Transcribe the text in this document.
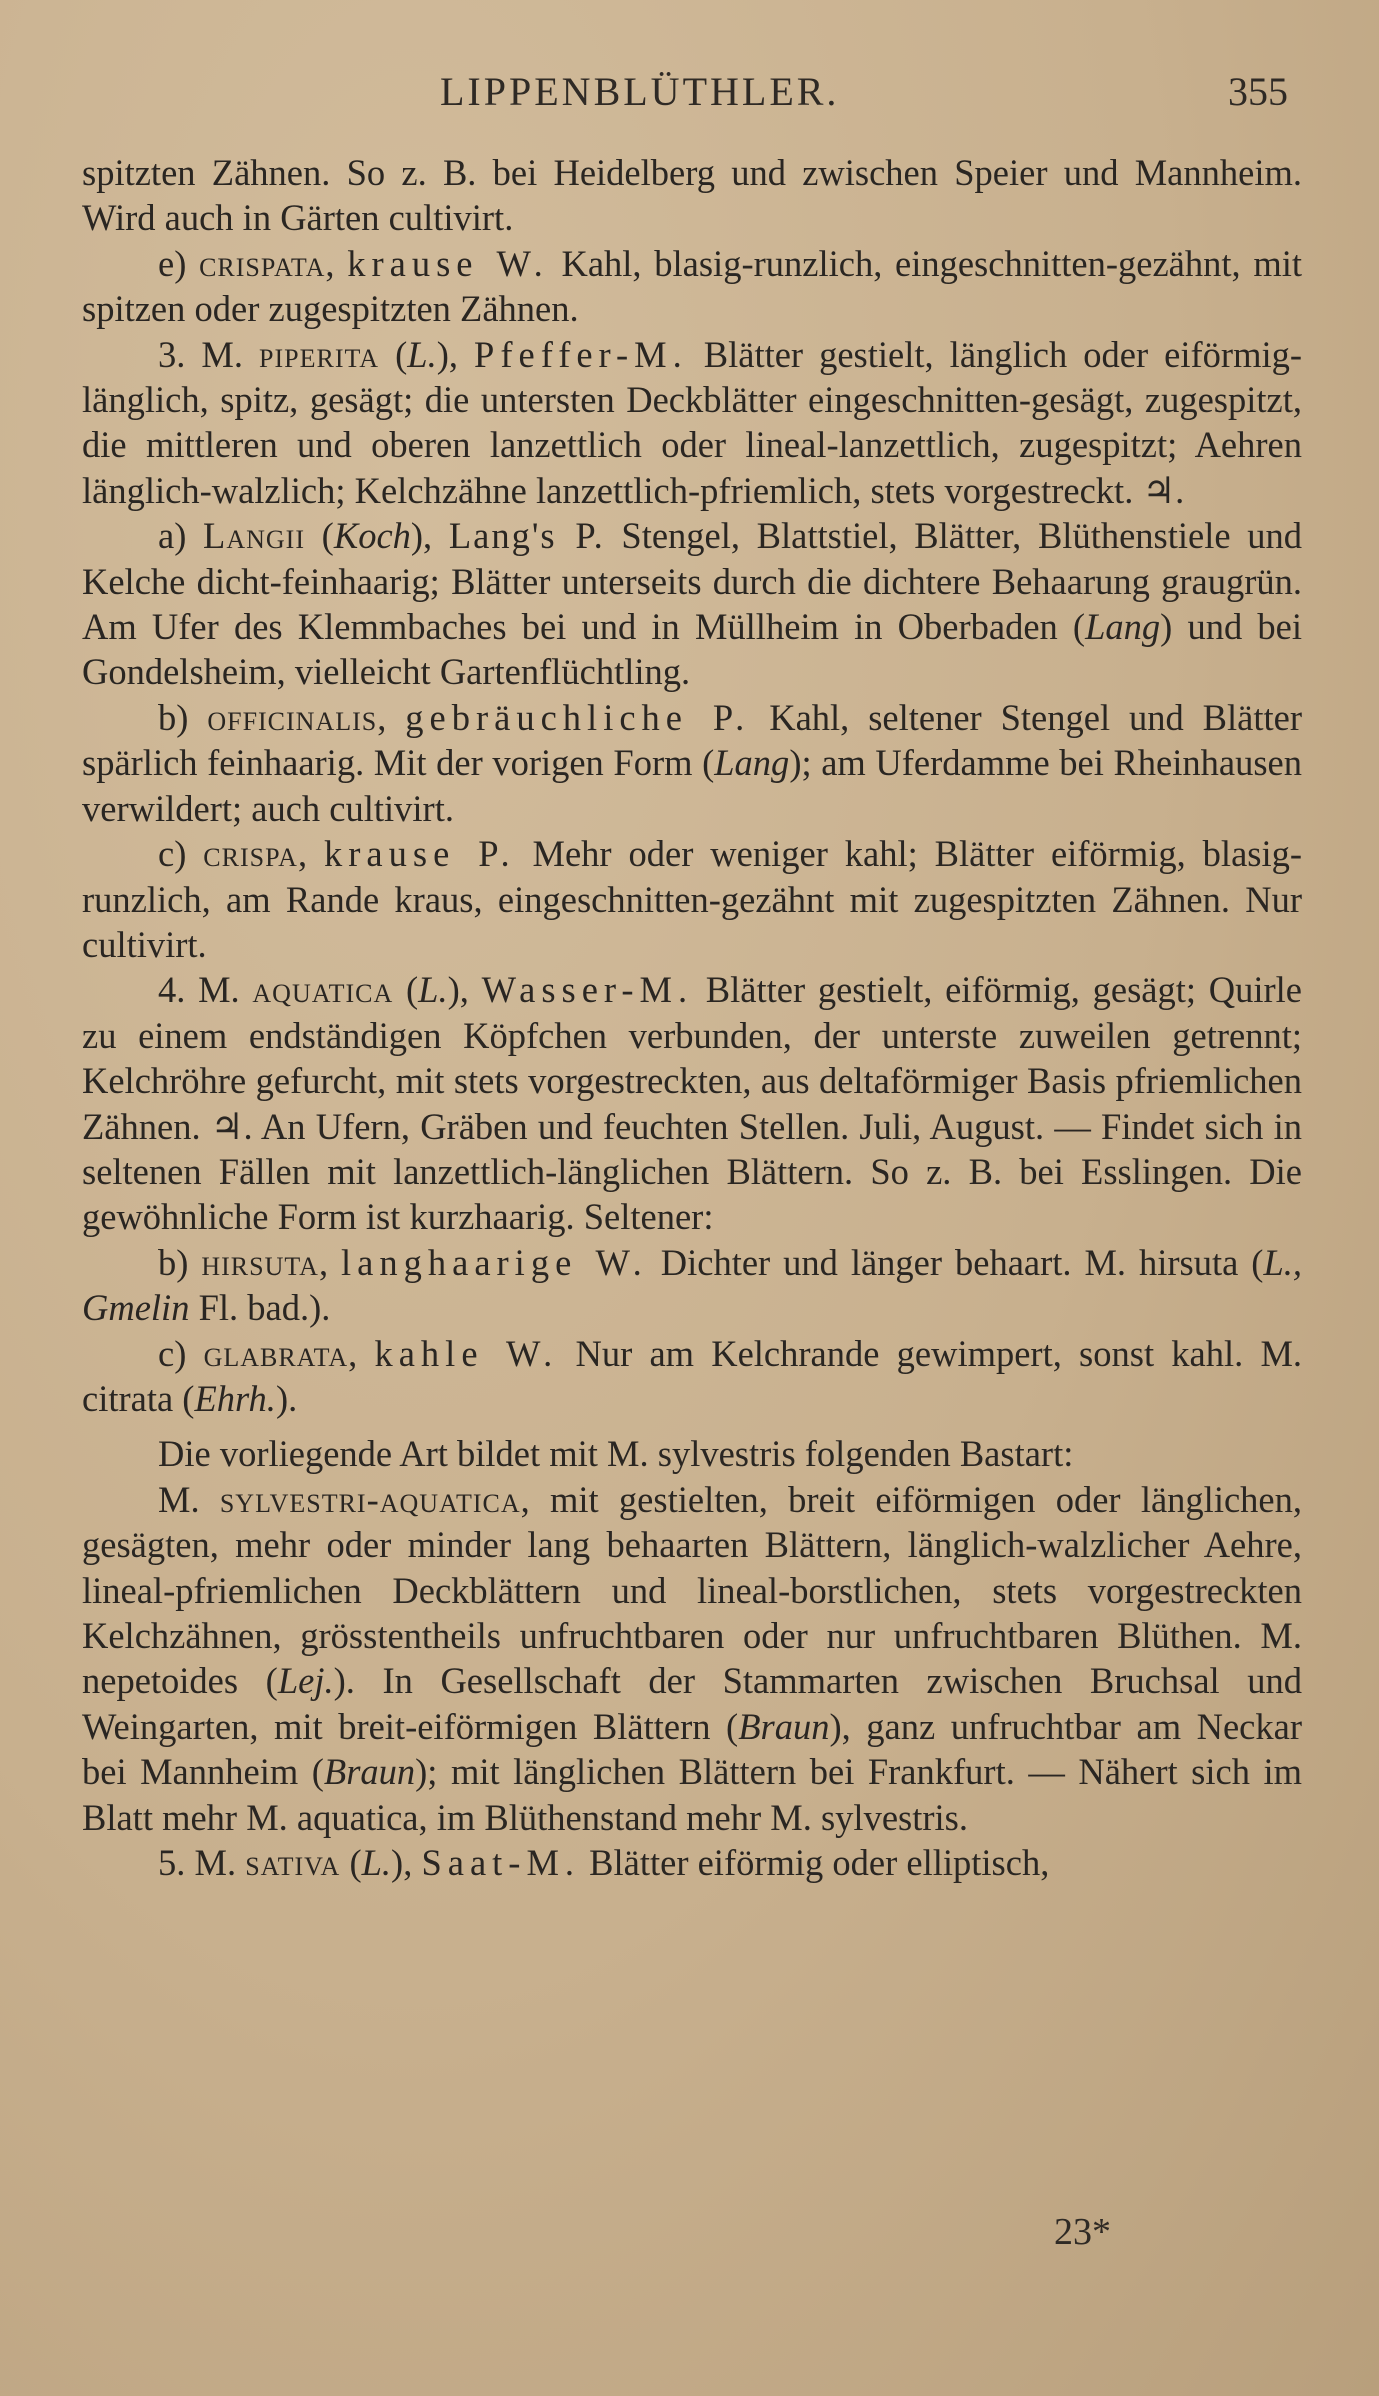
LIPPENBLÜTHLER.	355

spitzten Zähnen. So z. B. bei Heidelberg und zwischen Speier und Mannheim. Wird auch in Gärten cultivirt.

e) crispata, krause W. Kahl, blasig-runzlich, eingeschnitten-gezähnt, mit spitzen oder zugespitzten Zähnen.

3. M. piperita (L.), Pfeffer-M. Blätter gestielt, länglich oder eiförmig-länglich, spitz, gesägt; die untersten Deckblätter eingeschnitten-gesägt, zugespitzt, die mittleren und oberen lanzettlich oder lineal-lanzettlich, zugespitzt; Aehren länglich-walzlich; Kelchzähne lanzettlich-pfriemlich, stets vorgestreckt. ♃.

a) Langii (Koch), Lang's P. Stengel, Blattstiel, Blätter, Blüthenstiele und Kelche dicht-feinhaarig; Blätter unterseits durch die dichtere Behaarung graugrün. Am Ufer des Klemmbaches bei und in Müllheim in Oberbaden (Lang) und bei Gondelsheim, vielleicht Gartenflüchtling.

b) officinalis, gebräuchliche P. Kahl, seltener Stengel und Blätter spärlich feinhaarig. Mit der vorigen Form (Lang); am Uferdamme bei Rheinhausen verwildert; auch cultivirt.

c) crispa, krause P. Mehr oder weniger kahl; Blätter eiförmig, blasig-runzlich, am Rande kraus, eingeschnitten-gezähnt mit zugespitzten Zähnen. Nur cultivirt.

4. M. aquatica (L.), Wasser-M. Blätter gestielt, eiförmig, gesägt; Quirle zu einem endständigen Köpfchen verbunden, der unterste zuweilen getrennt; Kelchröhre gefurcht, mit stets vorgestreckten, aus deltaförmiger Basis pfriemlichen Zähnen. ♃. An Ufern, Gräben und feuchten Stellen. Juli, August. — Findet sich in seltenen Fällen mit lanzettlich-länglichen Blättern. So z. B. bei Esslingen. Die gewöhnliche Form ist kurzhaarig. Seltener:

b) hirsuta, langhaarige W. Dichter und länger behaart. M. hirsuta (L., Gmelin Fl. bad.).

c) glabrata, kahle W. Nur am Kelchrande gewimpert, sonst kahl. M. citrata (Ehrh.).

Die vorliegende Art bildet mit M. sylvestris folgenden Bastart:

M. sylvestri-aquatica, mit gestielten, breit eiförmigen oder länglichen, gesägten, mehr oder minder lang behaarten Blättern, länglich-walzlicher Aehre, lineal-pfriemlichen Deckblättern und lineal-borstlichen, stets vorgestreckten Kelchzähnen, grösstentheils unfruchtbaren oder nur unfruchtbaren Blüthen. M. nepetoides (Lej.). In Gesellschaft der Stammarten zwischen Bruchsal und Weingarten, mit breit-eiförmigen Blättern (Braun), ganz unfruchtbar am Neckar bei Mannheim (Braun); mit länglichen Blättern bei Frankfurt. — Nähert sich im Blatt mehr M. aquatica, im Blüthenstand mehr M. sylvestris.

5. M. sativa (L.), Saat-M. Blätter eiförmig oder elliptisch,

23*
